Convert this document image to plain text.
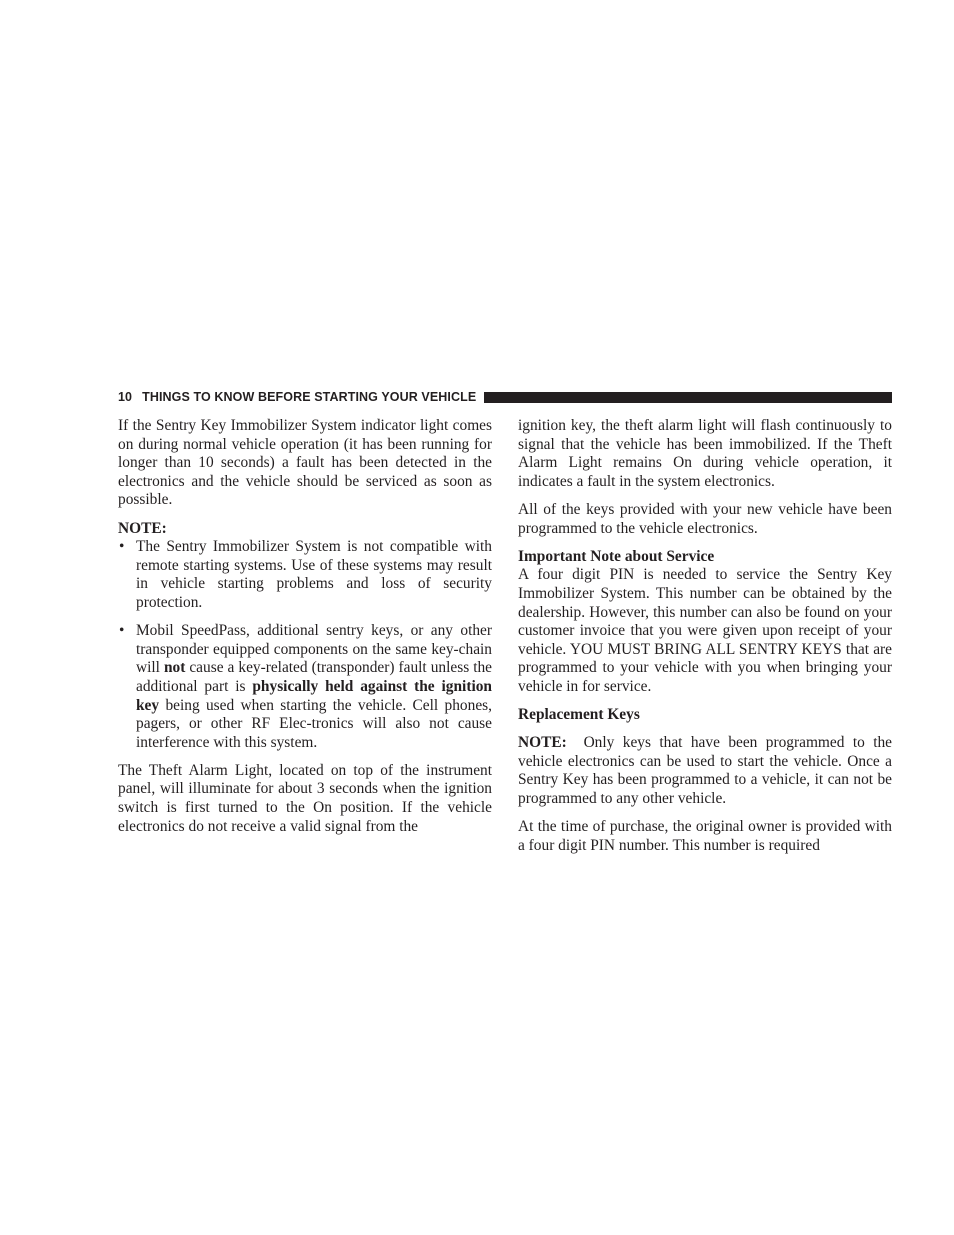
10 THINGS TO KNOW BEFORE STARTING YOUR VEHICLE

If the Sentry Key Immobilizer System indicator light comes on during normal vehicle operation (it has been running for longer than 10 seconds) a fault has been detected in the electronics and the vehicle should be serviced as soon as possible.

NOTE:

• The Sentry Immobilizer System is not compatible with remote starting systems. Use of these systems may result in vehicle starting problems and loss of security protection.
• Mobil SpeedPass, additional sentry keys, or any other transponder equipped components on the same key-chain will not cause a key-related (transponder) fault unless the additional part is physically held against the ignition key being used when starting the vehicle. Cell phones, pagers, or other RF Elec-tronics will also not cause interference with this system.

The Theft Alarm Light, located on top of the instrument panel, will illuminate for about 3 seconds when the ignition switch is first turned to the On position. If the vehicle electronics do not receive a valid signal from the

ignition key, the theft alarm light will flash continuously to signal that the vehicle has been immobilized. If the Theft Alarm Light remains On during vehicle operation, it indicates a fault in the system electronics.

All of the keys provided with your new vehicle have been programmed to the vehicle electronics.

Important Note about Service

A four digit PIN is needed to service the Sentry Key Immobilizer System. This number can be obtained by the dealership. However, this number can also be found on your customer invoice that you were given upon receipt of your vehicle. YOU MUST BRING ALL SENTRY KEYS that are programmed to your vehicle with you when bringing your vehicle in for service.

Replacement Keys

NOTE:  Only keys that have been programmed to the vehicle electronics can be used to start the vehicle. Once a Sentry Key has been programmed to a vehicle, it can not be programmed to any other vehicle.

At the time of purchase, the original owner is provided with a four digit PIN number. This number is required
